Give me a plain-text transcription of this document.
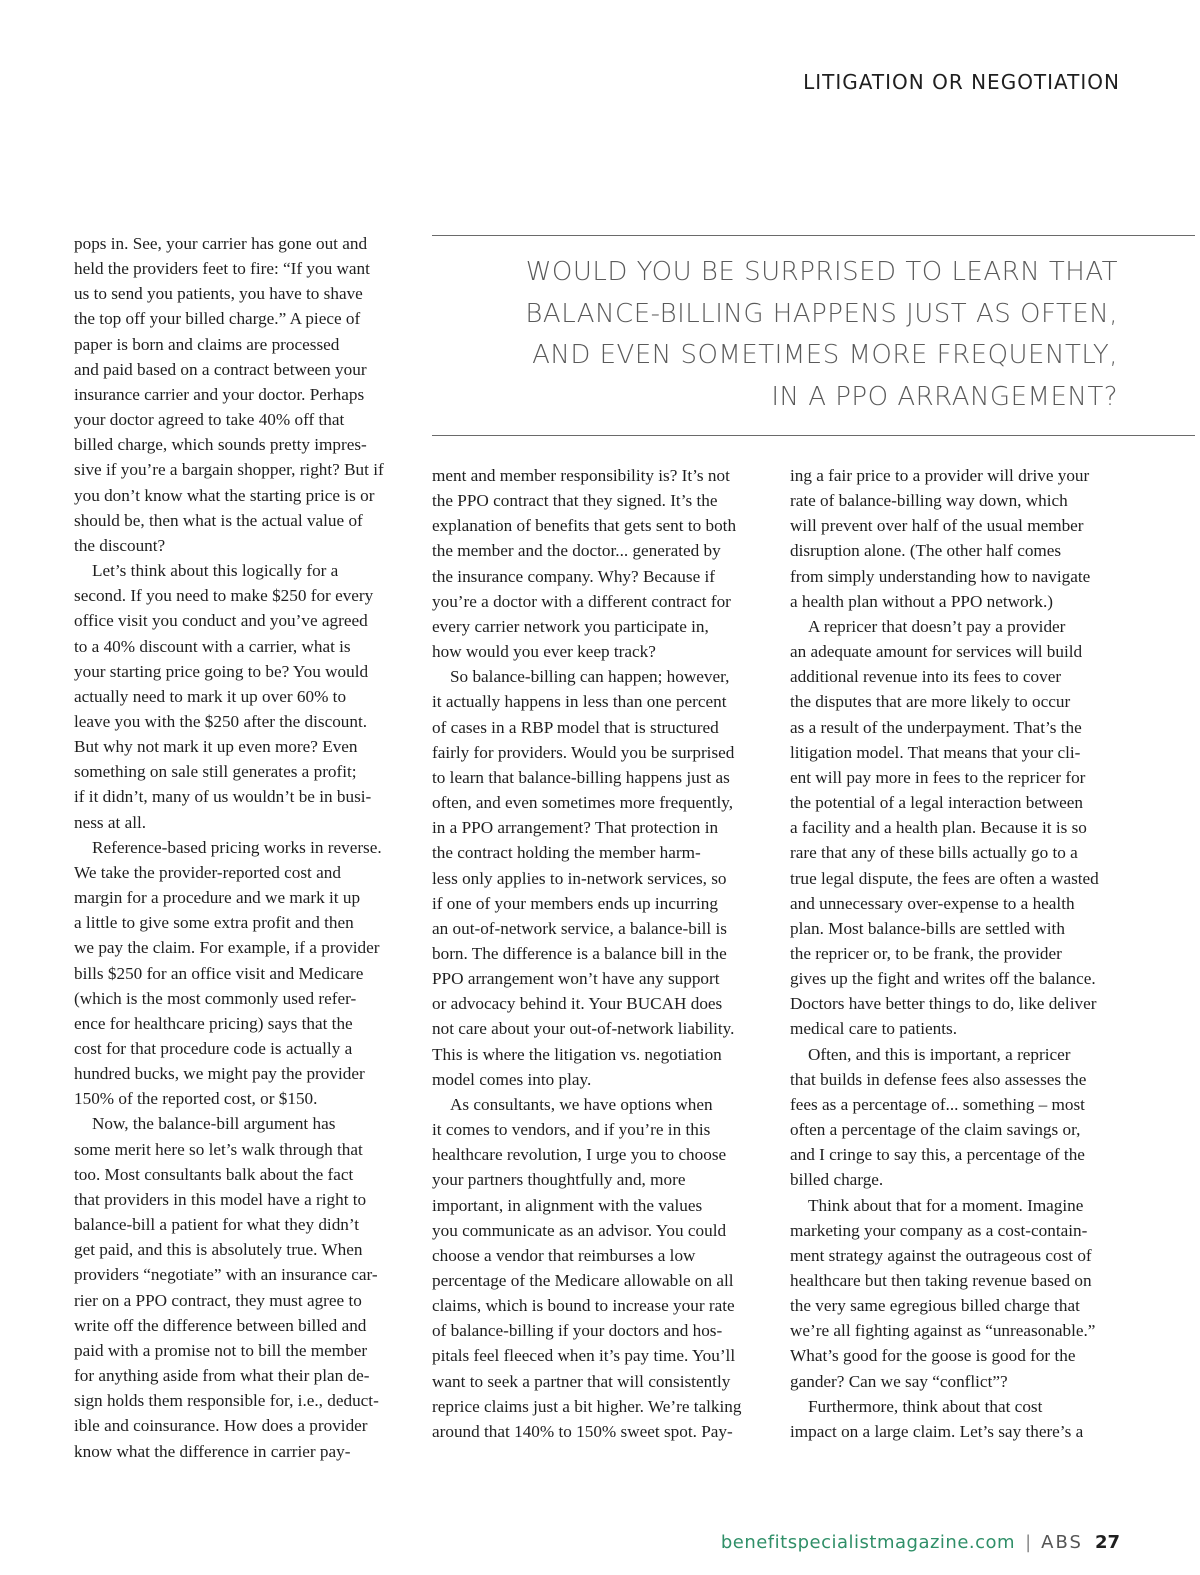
LITIGATION OR NEGOTIATION
WOULD YOU BE SURPRISED TO LEARN THAT
BALANCE-BILLING HAPPENS JUST AS OFTEN,
AND EVEN SOMETIMES MORE FREQUENTLY,
IN A PPO ARRANGEMENT?

pops in. See, your carrier has gone out and
held the providers feet to fire: “If you want
us to send you patients, you have to shave
the top off your billed charge.” A piece of
paper is born and claims are processed
and paid based on a contract between your
insurance carrier and your doctor. Perhaps
your doctor agreed to take 40% off that
billed charge, which sounds pretty impres-
sive if you’re a bargain shopper, right? But if
you don’t know what the starting price is or
should be, then what is the actual value of
the discount?

Let’s think about this logically for a
second. If you need to make $250 for every
office visit you conduct and you’ve agreed
to a 40% discount with a carrier, what is
your starting price going to be? You would
actually need to mark it up over 60% to
leave you with the $250 after the discount.
But why not mark it up even more? Even
something on sale still generates a profit;
if it didn’t, many of us wouldn’t be in busi-
ness at all.

Reference-based pricing works in reverse.
We take the provider-reported cost and
margin for a procedure and we mark it up
a little to give some extra profit and then
we pay the claim. For example, if a provider
bills $250 for an office visit and Medicare
(which is the most commonly used refer-
ence for healthcare pricing) says that the
cost for that procedure code is actually a
hundred bucks, we might pay the provider
150% of the reported cost, or $150.

Now, the balance-bill argument has
some merit here so let’s walk through that
too. Most consultants balk about the fact
that providers in this model have a right to
balance-bill a patient for what they didn’t
get paid, and this is absolutely true. When
providers “negotiate” with an insurance car-
rier on a PPO contract, they must agree to
write off the difference between billed and
paid with a promise not to bill the member
for anything aside from what their plan de-
sign holds them responsible for, i.e., deduct-
ible and coinsurance. How does a provider
know what the difference in carrier pay-

ment and member responsibility is? It’s not
the PPO contract that they signed. It’s the
explanation of benefits that gets sent to both
the member and the doctor... generated by
the insurance company. Why? Because if
you’re a doctor with a different contract for
every carrier network you participate in,
how would you ever keep track?

So balance-billing can happen; however,
it actually happens in less than one percent
of cases in a RBP model that is structured
fairly for providers. Would you be surprised
to learn that balance-billing happens just as
often, and even sometimes more frequently,
in a PPO arrangement? That protection in
the contract holding the member harm-
less only applies to in-network services, so
if one of your members ends up incurring
an out-of-network service, a balance-bill is
born. The difference is a balance bill in the
PPO arrangement won’t have any support
or advocacy behind it. Your BUCAH does
not care about your out-of-network liability.
This is where the litigation vs. negotiation
model comes into play.

As consultants, we have options when
it comes to vendors, and if you’re in this
healthcare revolution, I urge you to choose
your partners thoughtfully and, more
important, in alignment with the values
you communicate as an advisor. You could
choose a vendor that reimburses a low
percentage of the Medicare allowable on all
claims, which is bound to increase your rate
of balance-billing if your doctors and hos-
pitals feel fleeced when it’s pay time. You’ll
want to seek a partner that will consistently
reprice claims just a bit higher. We’re talking
around that 140% to 150% sweet spot. Pay-

ing a fair price to a provider will drive your
rate of balance-billing way down, which
will prevent over half of the usual member
disruption alone. (The other half comes
from simply understanding how to navigate
a health plan without a PPO network.)

A repricer that doesn’t pay a provider
an adequate amount for services will build
additional revenue into its fees to cover
the disputes that are more likely to occur
as a result of the underpayment. That’s the
litigation model. That means that your cli-
ent will pay more in fees to the repricer for
the potential of a legal interaction between
a facility and a health plan. Because it is so
rare that any of these bills actually go to a
true legal dispute, the fees are often a wasted
and unnecessary over-expense to a health
plan. Most balance-bills are settled with
the repricer or, to be frank, the provider
gives up the fight and writes off the balance.
Doctors have better things to do, like deliver
medical care to patients.

Often, and this is important, a repricer
that builds in defense fees also assesses the
fees as a percentage of... something – most
often a percentage of the claim savings or,
and I cringe to say this, a percentage of the
billed charge.

Think about that for a moment. Imagine
marketing your company as a cost-contain-
ment strategy against the outrageous cost of
healthcare but then taking revenue based on
the very same egregious billed charge that
we’re all fighting against as “unreasonable.”
What’s good for the goose is good for the
gander? Can we say “conflict”?

Furthermore, think about that cost
impact on a large claim. Let’s say there’s a

benefitspecialistmagazine.com | ABS 27
